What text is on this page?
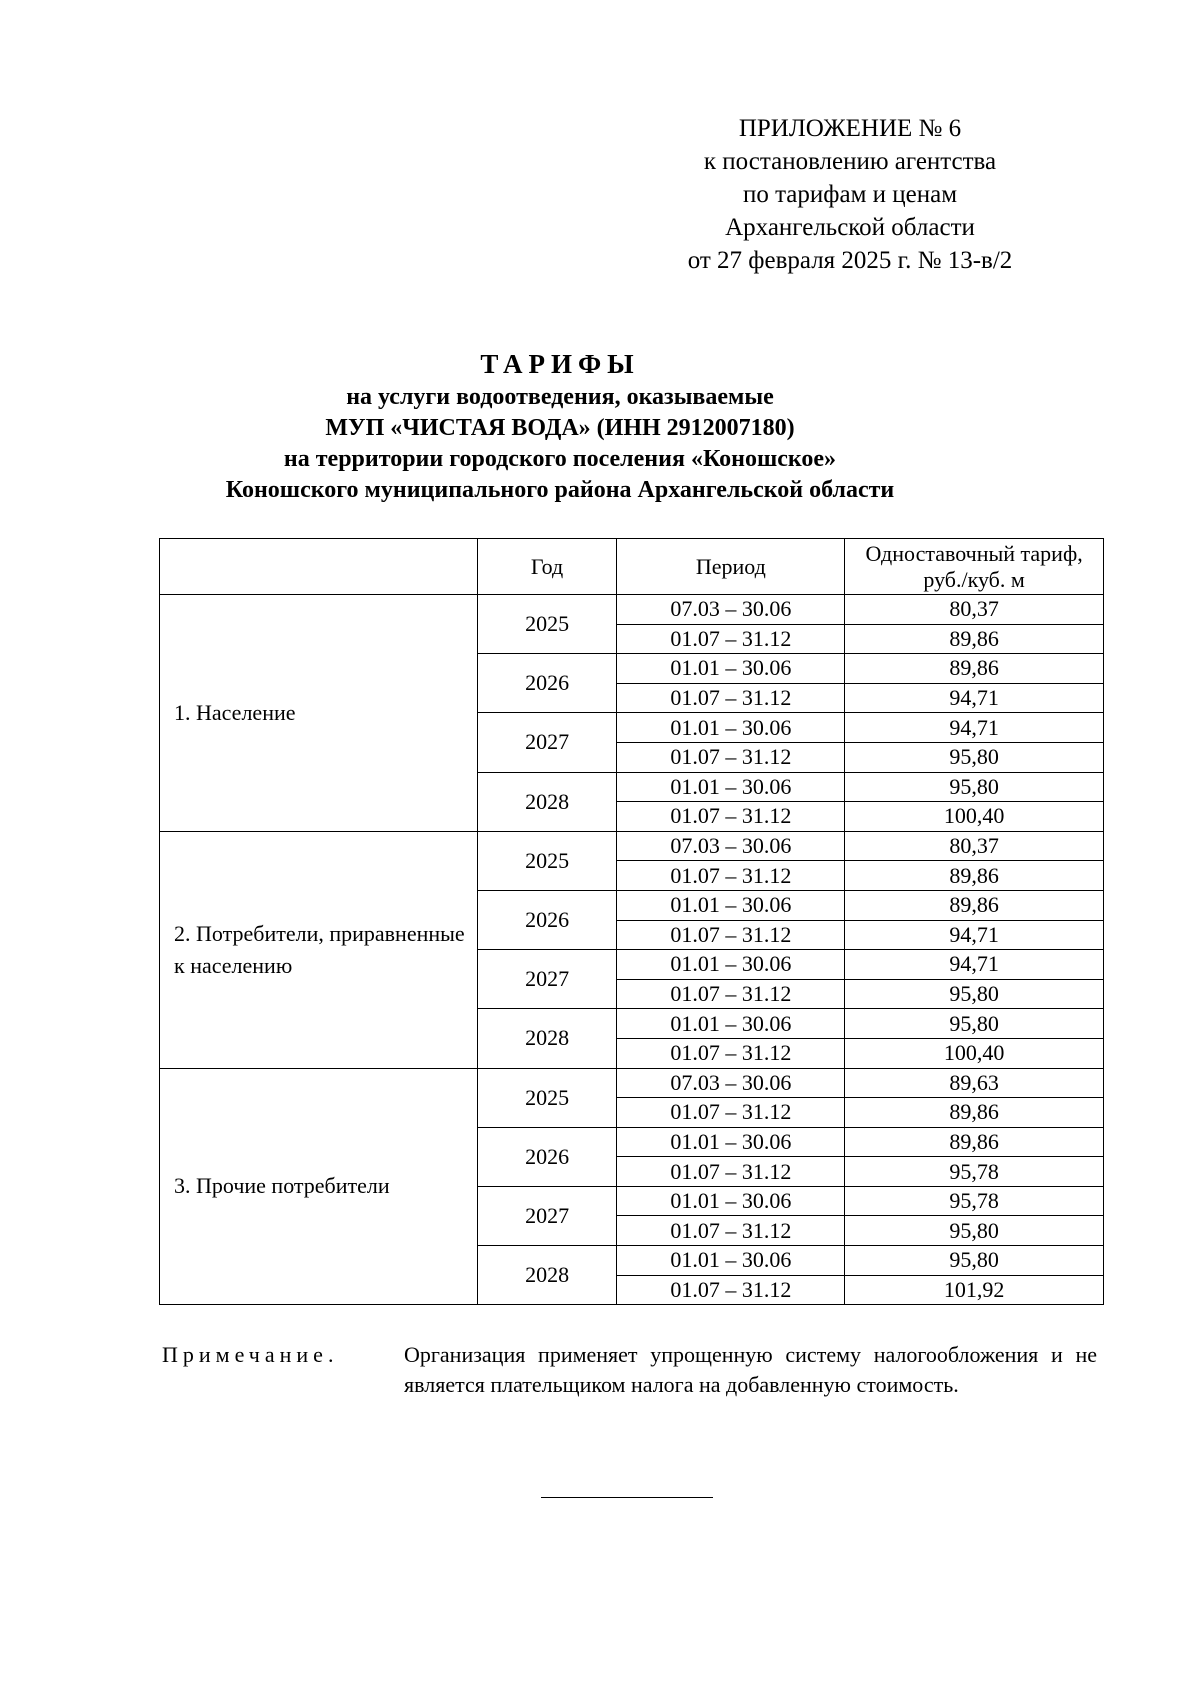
ПРИЛОЖЕНИЕ № 6
к постановлению агентства
по тарифам и ценам
Архангельской области
от 27 февраля 2025 г. № 13-в/2
ТАРИФЫ
на услуги водоотведения, оказываемые
МУП «ЧИСТАЯ ВОДА» (ИНН 2912007180)
на территории городского поселения «Коношское»
Коношского муниципального района Архангельской области
	Год	Период	Одноставочный тариф,
руб./куб. м

1. Население	2025	07.03 – 30.06	80,37
		01.07 – 31.12	89,86
	2026	01.01 – 30.06	89,86
		01.07 – 31.12	94,71
	2027	01.01 – 30.06	94,71
		01.07 – 31.12	95,80
	2028	01.01 – 30.06	95,80
		01.07 – 31.12	100,40
2. Потребители, приравненные к населению	2025	07.03 – 30.06	80,37
		01.07 – 31.12	89,86
	2026	01.01 – 30.06	89,86
		01.07 – 31.12	94,71
	2027	01.01 – 30.06	94,71
		01.07 – 31.12	95,80
	2028	01.01 – 30.06	95,80
		01.07 – 31.12	100,40
3. Прочие потребители	2025	07.03 – 30.06	89,63
		01.07 – 31.12	89,86
	2026	01.01 – 30.06	89,86
		01.07 – 31.12	95,78
	2027	01.01 – 30.06	95,78
		01.07 – 31.12	95,80
	2028	01.01 – 30.06	95,80
		01.07 – 31.12	101,92
Примечание.	Организация применяет упрощенную систему налогообложения и не является плательщиком налога на добавленную стоимость.
